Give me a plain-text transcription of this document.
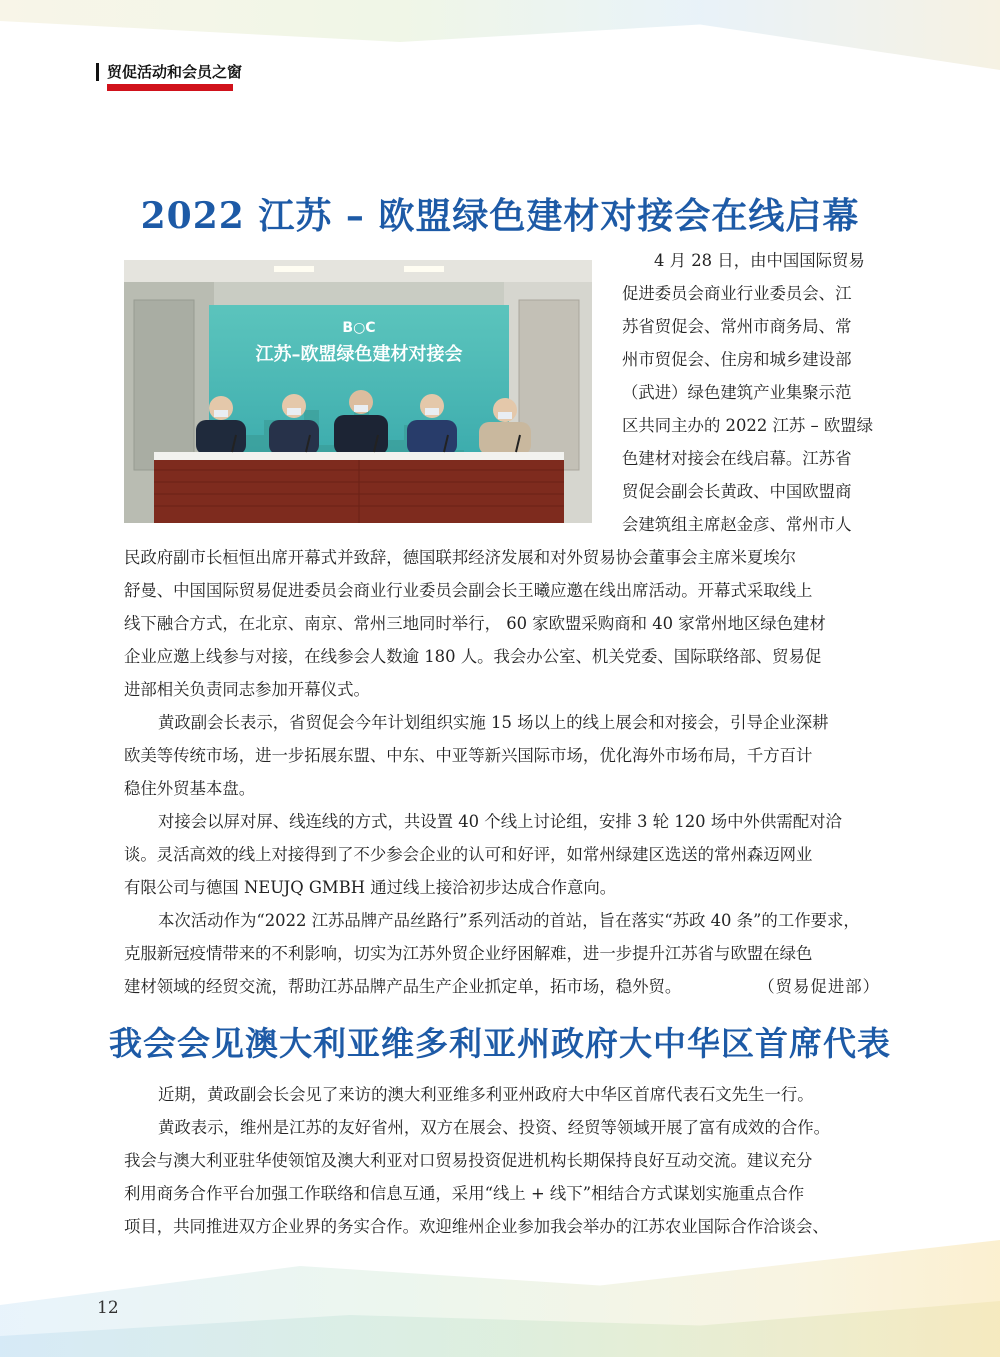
贸促活动和会员之窗
2022 江苏 – 欧盟绿色建材对接会在线启幕
B○C
江苏–欧盟绿色建材对接会
4 月 28 日，由中国国际贸易
促进委员会商业行业委员会、江
苏省贸促会、常州市商务局、常
州市贸促会、住房和城乡建设部
（武进）绿色建筑产业集聚示范
区共同主办的 2022 江苏 – 欧盟绿
色建材对接会在线启幕。江苏省
贸促会副会长黄政、中国欧盟商
会建筑组主席赵金彦、常州市人
民政府副市长桓恒出席开幕式并致辞，德国联邦经济发展和对外贸易协会董事会主席米夏埃尔
舒曼、中国国际贸易促进委员会商业行业委员会副会长王曦应邀在线出席活动。开幕式采取线上
线下融合方式，在北京、南京、常州三地同时举行， 60 家欧盟采购商和 40 家常州地区绿色建材
企业应邀上线参与对接，在线参会人数逾 180 人。我会办公室、机关党委、国际联络部、贸易促
进部相关负责同志参加开幕仪式。
黄政副会长表示，省贸促会今年计划组织实施 15 场以上的线上展会和对接会，引导企业深耕
欧美等传统市场，进一步拓展东盟、中东、中亚等新兴国际市场，优化海外市场布局，千方百计
稳住外贸基本盘。
对接会以屏对屏、线连线的方式，共设置 40 个线上讨论组，安排 3 轮 120 场中外供需配对洽
谈。灵活高效的线上对接得到了不少参会企业的认可和好评，如常州绿建区选送的常州森迈网业
有限公司与德国 NEUJQ GMBH 通过线上接洽初步达成合作意向。
本次活动作为“2022 江苏品牌产品丝路行”系列活动的首站，旨在落实“苏政 40 条”的工作要求，
克服新冠疫情带来的不利影响，切实为江苏外贸企业纾困解难，进一步提升江苏省与欧盟在绿色
建材领域的经贸交流，帮助江苏品牌产品生产企业抓定单，拓市场，稳外贸。	（贸易促进部）
我会会见澳大利亚维多利亚州政府大中华区首席代表
近期，黄政副会长会见了来访的澳大利亚维多利亚州政府大中华区首席代表石文先生一行。
黄政表示，维州是江苏的友好省州，双方在展会、投资、经贸等领域开展了富有成效的合作。
我会与澳大利亚驻华使领馆及澳大利亚对口贸易投资促进机构长期保持良好互动交流。建议充分
利用商务合作平台加强工作联络和信息互通，采用“线上 + 线下”相结合方式谋划实施重点合作
项目，共同推进双方企业界的务实合作。欢迎维州企业参加我会举办的江苏农业国际合作洽谈会、
12
